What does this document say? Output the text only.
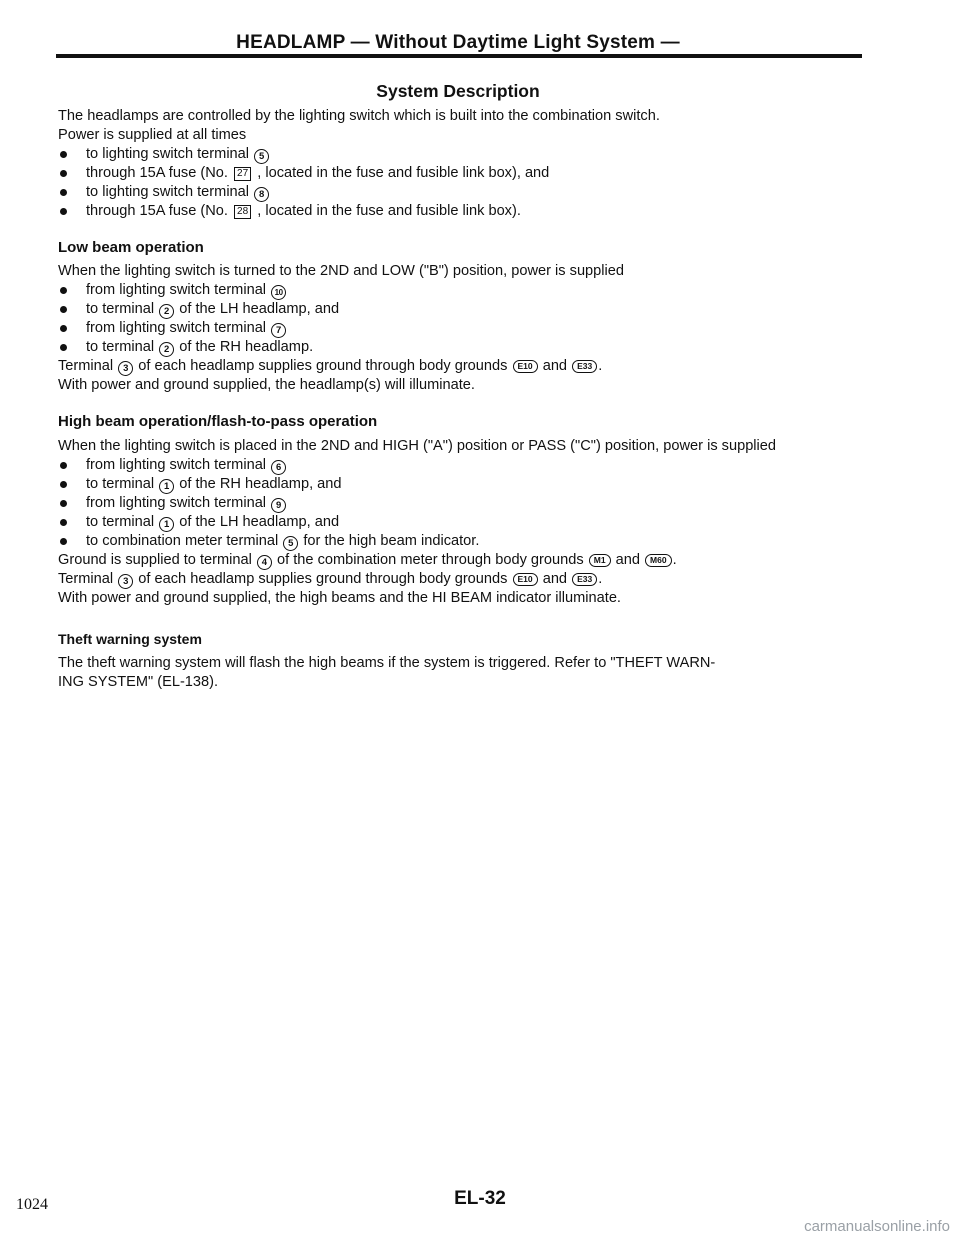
HEADLAMP — Without Daytime Light System —
System Description

The headlamps are controlled by the lighting switch which is built into the combination switch.
Power is supplied at all times

to lighting switch terminal 5

through 15A fuse (No. 27 , located in the fuse and fusible link box), and

to lighting switch terminal 8

through 15A fuse (No. 28 , located in the fuse and fusible link box).

Low beam operation

When the lighting switch is turned to the 2ND and LOW ("B") position, power is supplied

from lighting switch terminal 10

to terminal 2 of the LH headlamp, and

from lighting switch terminal 7

to terminal 2 of the RH headlamp.

Terminal 3 of each headlamp supplies ground through body grounds E10 and E33 .

With power and ground supplied, the headlamp(s) will illuminate.

High beam operation/flash-to-pass operation

When the lighting switch is placed in the 2ND and HIGH ("A") position or PASS ("C") position, power is supplied

from lighting switch terminal 6

to terminal 1 of the RH headlamp, and

from lighting switch terminal 9

to terminal 1 of the LH headlamp, and

to combination meter terminal 5 for the high beam indicator.

Ground is supplied to terminal 4 of the combination meter through body grounds M1 and M60 .

Terminal 3 of each headlamp supplies ground through body grounds E10 and E33 .

With power and ground supplied, the high beams and the HI BEAM indicator illuminate.

Theft warning system

The theft warning system will flash the high beams if the system is triggered. Refer to "THEFT WARN-
ING SYSTEM" (EL-138).

EL-32
1024
carmanualsonline.info
